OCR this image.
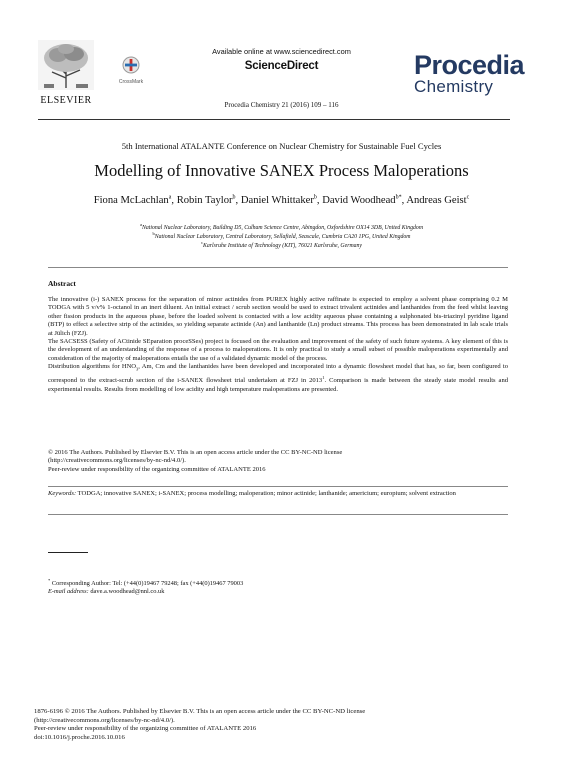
ELSEVIER
Available online at www.sciencedirect.com
ScienceDirect
CrossMark
Procedia Chemistry 21 (2016) 109 – 116
Procedia
Chemistry
5th International ATALANTE Conference on Nuclear Chemistry for Sustainable Fuel Cycles
Modelling of Innovative SANEX Process Maloperations
Fiona McLachlan$^a$, Robin Taylor$^b$, Daniel Whittaker$^b$, David Woodhead$^{b*}$, Andreas Geist$^c$
$^a$National Nuclear Laboratory, Building D5, Culham Science Centre, Abingdon, Oxfordshire OX14 3DB, United Kingdom
$^b$National Nuclear Laboratory, Central Laboratory, Sellafield, Seascale, Cumbria CA20 1PG, United Kingdom
$^c$Karlsruhe Institute of Technology (KIT), 76021 Karlsruhe, Germany
Abstract

The innovative (i-) SANEX process for the separation of minor actinides from PUREX highly active raffinate is expected to employ a solvent phase comprising 0.2 M TODGA with 5 v/v% 1-octanol in an inert diluent. An initial extract / scrub section would be used to extract trivalent actinides and lanthanides from the feed whilst leaving other fission products in the aqueous phase, before the loaded solvent is contacted with a low acidity aqueous phase containing a sulphonated bis-triazinyl pyridine ligand (BTP) to effect a selective strip of the actinides, so yielding separate actinide (An) and lanthanide (Ln) product streams. This process has been demonstrated in lab scale trials at Jülich (FZJ).

The SACSESS (Safety of ACtinide SEparation proceSSes) project is focused on the evaluation and improvement of the safety of such future systems. A key element of this is the development of an understanding of the response of a process to maloperations. It is only practical to study a small subset of possible maloperations experimentally and consideration of the majority of maloperations entails the use of a validated dynamic model of the process.

Distribution algorithms for $HNO_3$, Am, Cm and the lanthanides have been developed and incorporated into a dynamic flowsheet model that has, so far, been configured to correspond to the extract-scrub section of the i-SANEX flowsheet trial undertaken at FZJ in 2013$^1$. Comparison is made between the steady state model results and experimental results. Results from modelling of low acidity and high temperature maloperations are presented.

© 2016 The Authors. Published by Elsevier B.V. This is an open access article under the CC BY-NC-ND license

(http://creativecommons.org/licenses/by-nc-nd/4.0/).

Peer-review under responsibility of the organizing committee of ATALANTE 2016

Keywords: TODGA; innovative SANEX; i-SANEX; process modelling; maloperation; minor actinide; lanthanide; americium; europium; solvent extraction
* Corresponding Author: Tel: (+44(0)19467 79248; fax (+44(0)19467 79003
E-mail address: dave.a.woodhead@nnl.co.uk

1876-6196 © 2016 The Authors. Published by Elsevier B.V. This is an open access article under the CC BY-NC-ND license

(http://creativecommons.org/licenses/by-nc-nd/4.0/).

Peer-review under responsibility of the organizing committee of ATALANTE 2016

doi:10.1016/j.proche.2016.10.016
